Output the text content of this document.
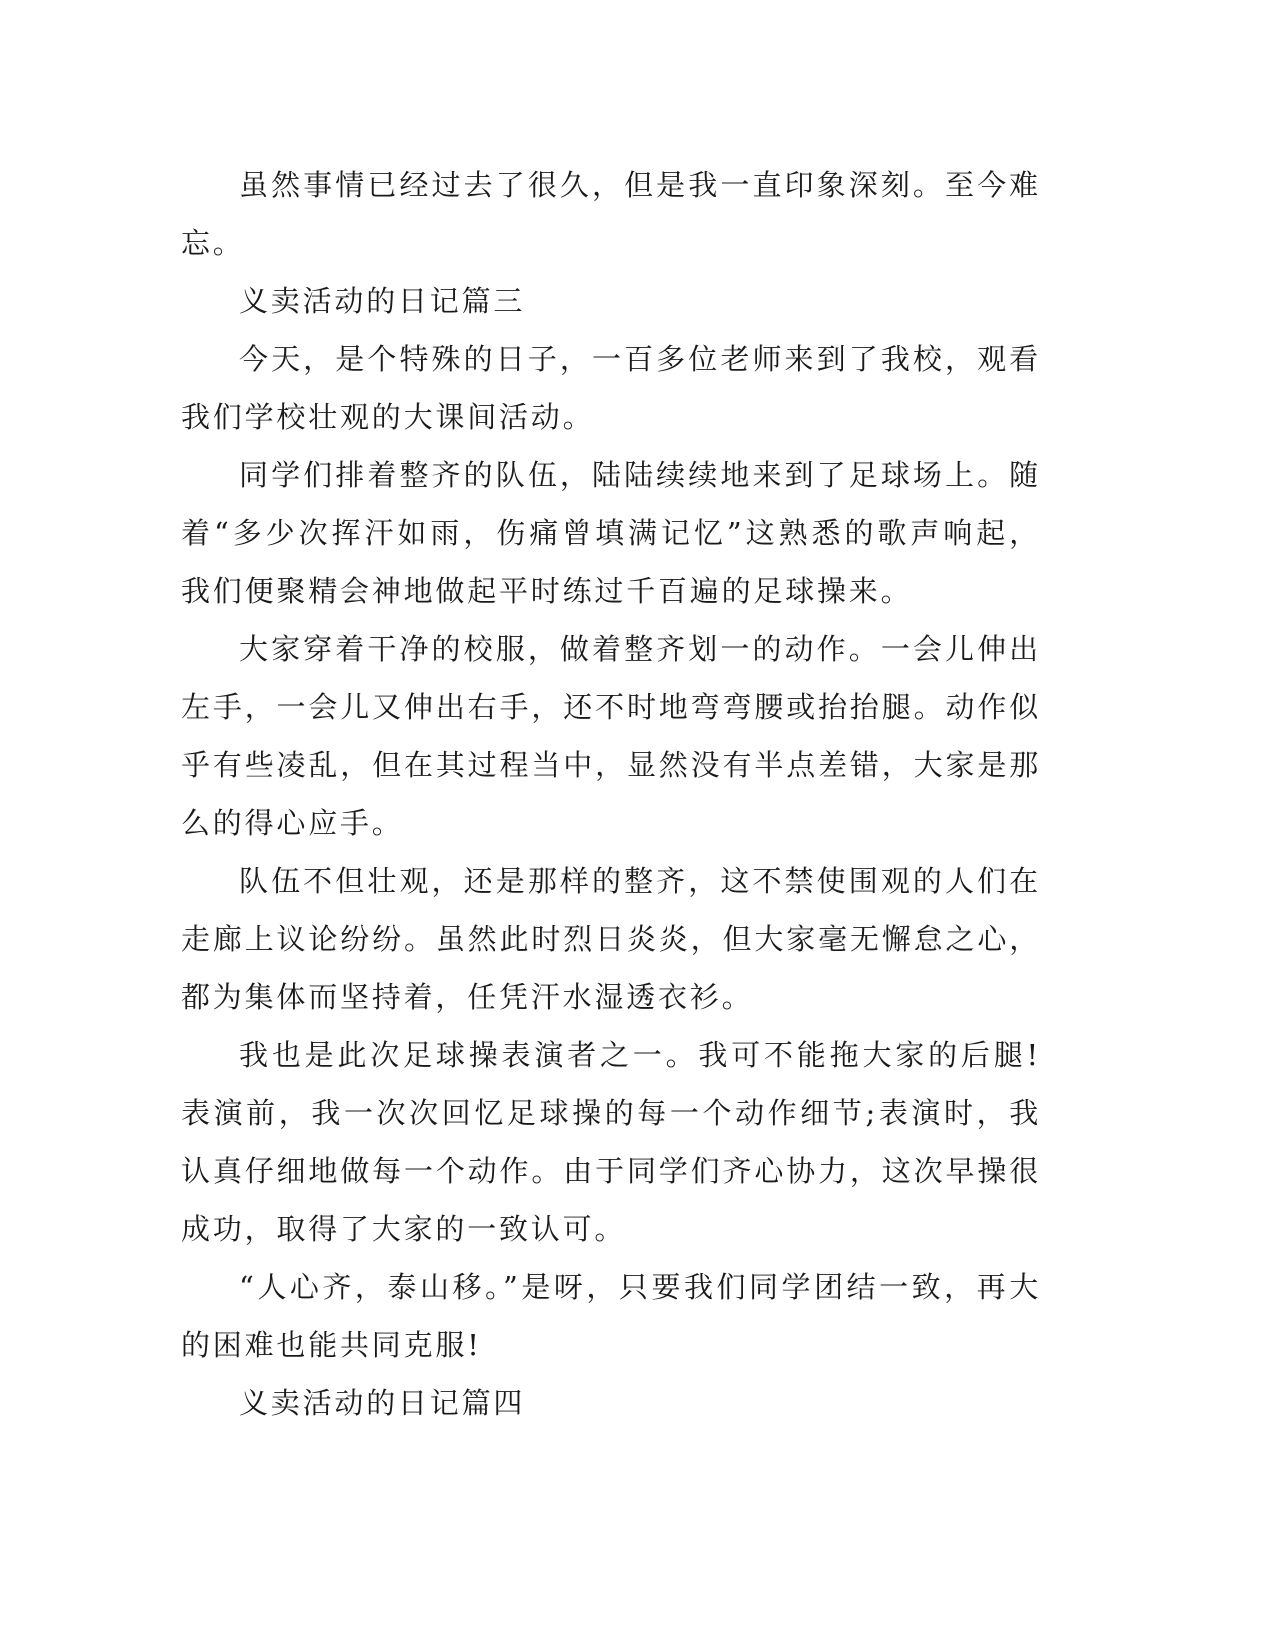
虽然事情已经过去了很久，但是我一直印象深刻。至今难忘。

义卖活动的日记篇三

今天，是个特殊的日子，一百多位老师来到了我校，观看我们学校壮观的大课间活动。

同学们排着整齐的队伍，陆陆续续地来到了足球场上。随着“多少次挥汗如雨，伤痛曾填满记忆”这熟悉的歌声响起，我们便聚精会神地做起平时练过千百遍的足球操来。

大家穿着干净的校服，做着整齐划一的动作。一会儿伸出左手，一会儿又伸出右手，还不时地弯弯腰或抬抬腿。动作似乎有些凌乱，但在其过程当中，显然没有半点差错，大家是那么的得心应手。

队伍不但壮观，还是那样的整齐，这不禁使围观的人们在走廊上议论纷纷。虽然此时烈日炎炎，但大家毫无懈怠之心，都为集体而坚持着，任凭汗水湿透衣衫。

我也是此次足球操表演者之一。我可不能拖大家的后腿!表演前，我一次次回忆足球操的每一个动作细节;表演时，我认真仔细地做每一个动作。由于同学们齐心协力，这次早操很成功，取得了大家的一致认可。

“人心齐，泰山移。”是呀，只要我们同学团结一致，再大的困难也能共同克服!

义卖活动的日记篇四
